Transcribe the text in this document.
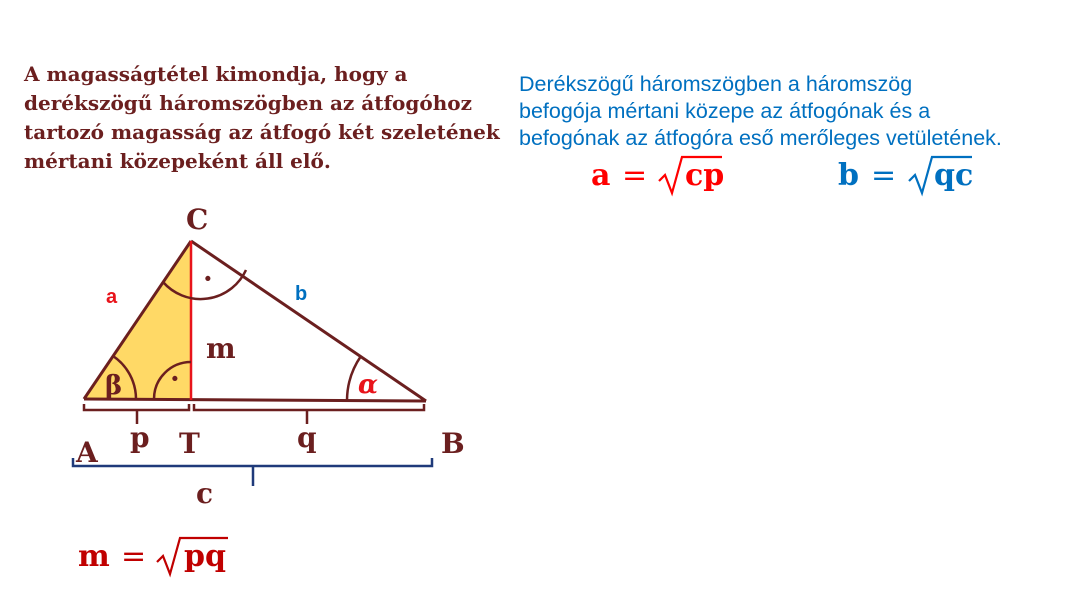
A magasságtétel kimondja, hogy a
derékszögű háromszögben az átfogóhoz
tartozó magasság az átfogó két szeletének
mértani közepeként áll elő.
Derékszögű háromszögben a háromszög
befogója mértani közepe az átfogónak és a
befogónak az átfogóra eső merőleges vetületének.
C
A	B
T
a	b
m
p	q
c
β	α
·
·
m = pq
a = cp	b = qc
